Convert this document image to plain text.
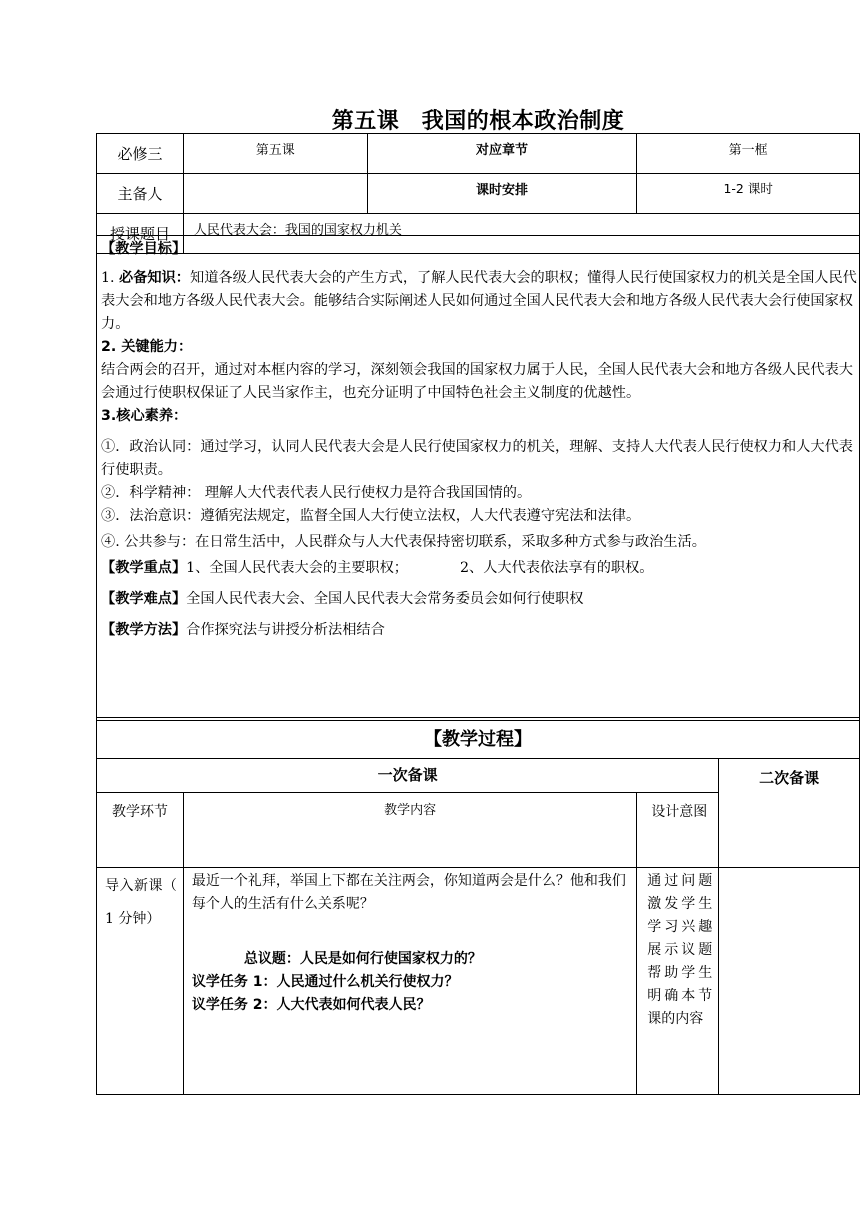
第五课　我国的根本政治制度
必修三	第五课	对应章节	第一框
主备人		课时安排	1-2 课时
授课题目	人民代表大会：我国的国家权力机关		

【教学目标】

1. 必备知识：知道各级人民代表大会的产生方式，了解人民代表大会的职权；懂得人民行使国家权力的机关是全国人民代表大会和地方各级人民代表大会。能够结合实际阐述人民如何通过全国人民代表大会和地方各级人民代表大会行使国家权力。

2. 关键能力：

结合两会的召开，通过对本框内容的学习，深刻领会我国的国家权力属于人民，全国人民代表大会和地方各级人民代表大会通过行使职权保证了人民当家作主，也充分证明了中国特色社会主义制度的优越性。

3.核心素养：

①．政治认同：通过学习，认同人民代表大会是人民行使国家权力的机关，理解、支持人大代表人民行使权力和人大代表行使职责。

②．科学精神： 理解人大代表代表人民行使权力是符合我国国情的。

③．法治意识：遵循宪法规定，监督全国人大行使立法权，人大代表遵守宪法和法律。

④. 公共参与：在日常生活中，人民群众与人大代表保持密切联系，采取多种方式参与政治生活。

【教学重点】1、全国人民代表大会的主要职权；	2、人大代表依法享有的职权。

【教学难点】全国人民代表大会、全国人民代表大会常务委员会如何行使职权

【教学方法】合作探究法与讲授分析法相结合

【教学过程】			
一次备课			二次备课
教学环节	教学内容	设计意图	
导入新课（ 1 分钟）	最近一个礼拜，举国上下都在关注两会，你知道两会是什么？他和我们每个人的生活有什么关系呢？
总议题：人民是如何行使国家权力的？
议学任务 1：人民通过什么机关行使权力？
议学任务 2：人大代表如何代表人民？	通过问题激发学生学习兴趣展示议题帮助学生明确本节课的内容	
